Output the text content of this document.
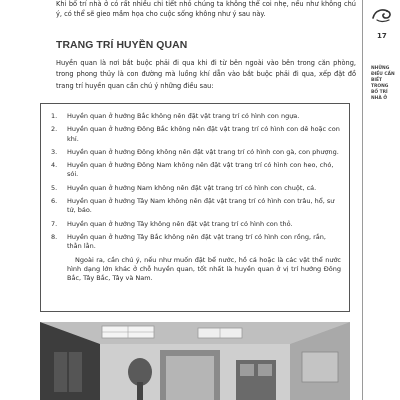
Khi bố trí nhà ở có rất nhiều chi tiết nhỏ chúng ta không thể coi nhẹ, nếu như không chú ý, có thể sẽ gieo mầm họa cho cuộc sống không như ý sau này.

TRANG TRÍ HUYỀN QUAN

Huyền quan là nơi bắt buộc phải đi qua khi đi từ bên ngoài vào bên trong căn phòng, trong phong thủy là con đường mà luồng khí dẫn vào bắt buộc phải đi qua, xếp đặt đồ trang trí huyền quan cần chú ý những điều sau:

1. Huyền quan ở hướng Bắc không nên đặt vật trang trí có hình con ngựa.
2. Huyền quan ở hướng Đông Bắc không nên đặt vật trang trí có hình con dê hoặc con khỉ.
3. Huyền quan ở hướng Đông không nên đặt vật trang trí có hình con gà, con phượng.
4. Huyền quan ở hướng Đông Nam không nên đặt vật trang trí có hình con heo, chó, sói.
5. Huyền quan ở hướng Nam không nên đặt vật trang trí có hình con chuột, cá.
6. Huyền quan ở hướng Tây Nam không nên đặt vật trang trí có hình con trâu, hổ, sư tử, báo.
7. Huyền quan ở hướng Tây không nên đặt vật trang trí có hình con thỏ.
8. Huyền quan ở hướng Tây Bắc không nên đặt vật trang trí có hình con rồng, rắn, thằn lằn.

Ngoài ra, cần chú ý, nếu như muốn đặt bể nước, hồ cá hoặc là các vật thể nước hình dạng lớn khác ở chỗ huyền quan, tốt nhất là huyền quan ở vị trí hướng Đông Bắc, Tây Bắc, Tây và Nam.

17
NHỮNG ĐIỀU CẦN BIẾT TRONG BỐ TRÍ NHÀ Ở
